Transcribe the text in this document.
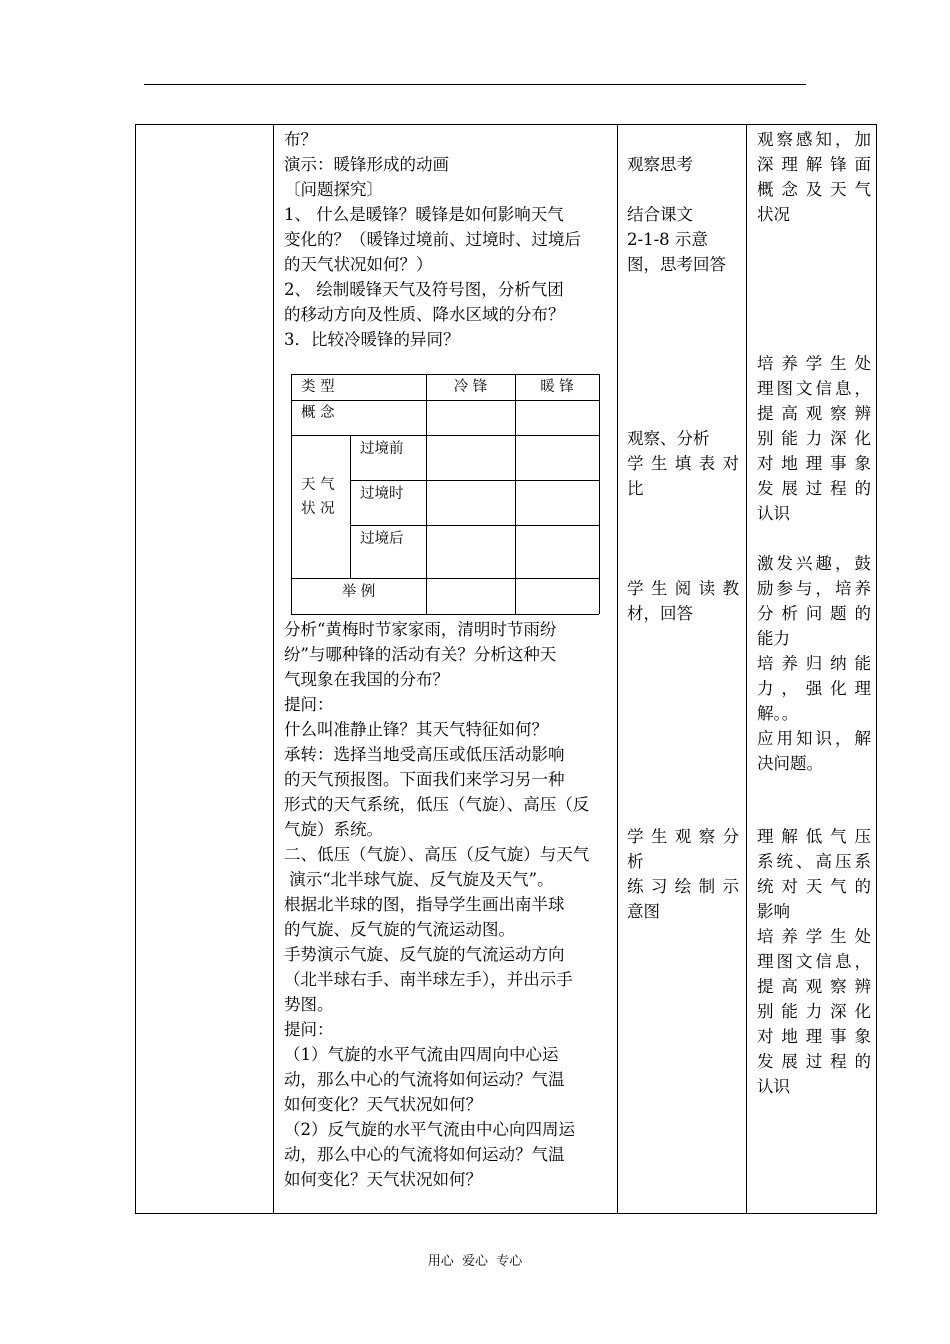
布？
演示：暖锋形成的动画
〔问题探究〕
1、 什么是暖锋？暖锋是如何影响天气
变化的？（暖锋过境前、过境时、过境后
的天气状况如何？）
2、 绘制暖锋天气及符号图，分析气团
的移动方向及性质、降水区域的分布？
3．比较冷暖锋的异同？
类 型	冷 锋	暖 锋
概 念
天 气
状 况
过境前
过境时
过境后
举 例
分析“黄梅时节家家雨，清明时节雨纷
纷”与哪种锋的活动有关？分析这种天
气现象在我国的分布？
提问：
什么叫准静止锋？其天气特征如何？
承转：选择当地受高压或低压活动影响
的天气预报图。下面我们来学习另一种
形式的天气系统，低压（气旋）、高压（反
气旋）系统。
二、低压（气旋）、高压（反气旋）与天气
演示“北半球气旋、反气旋及天气”。
根据北半球的图，指导学生画出南半球
的气旋、反气旋的气流运动图。
手势演示气旋、反气旋的气流运动方向
（北半球右手、南半球左手），并出示手
势图。
提问：
（1）气旋的水平气流由四周向中心运
动，那么中心的气流将如何运动？气温
如何变化？天气状况如何？
（2）反气旋的水平气流由中心向四周运
动，那么中心的气流将如何运动？气温
如何变化？天气状况如何？
观察思考
结合课文
2-1-8 示意
图，思考回答
观察、分析
学生填表对
比
学生阅读教
材，回答
学生观察分
析
练习绘制示
意图
观察感知，加
深理解锋面
概念及天气
状况
培养学生处
理图文信息，
提高观察辨
别能力深化
对地理事象
发展过程的
认识
激发兴趣，鼓
励参与，培养
分析问题的
能力
培养归纳能
力，强化理
解。。
应用知识，解
决问题。
理解低气压
系统、高压系
统对天气的
影响
培养学生处
理图文信息，
提高观察辨
别能力深化
对地理事象
发展过程的
认识
用心  爱心  专心
